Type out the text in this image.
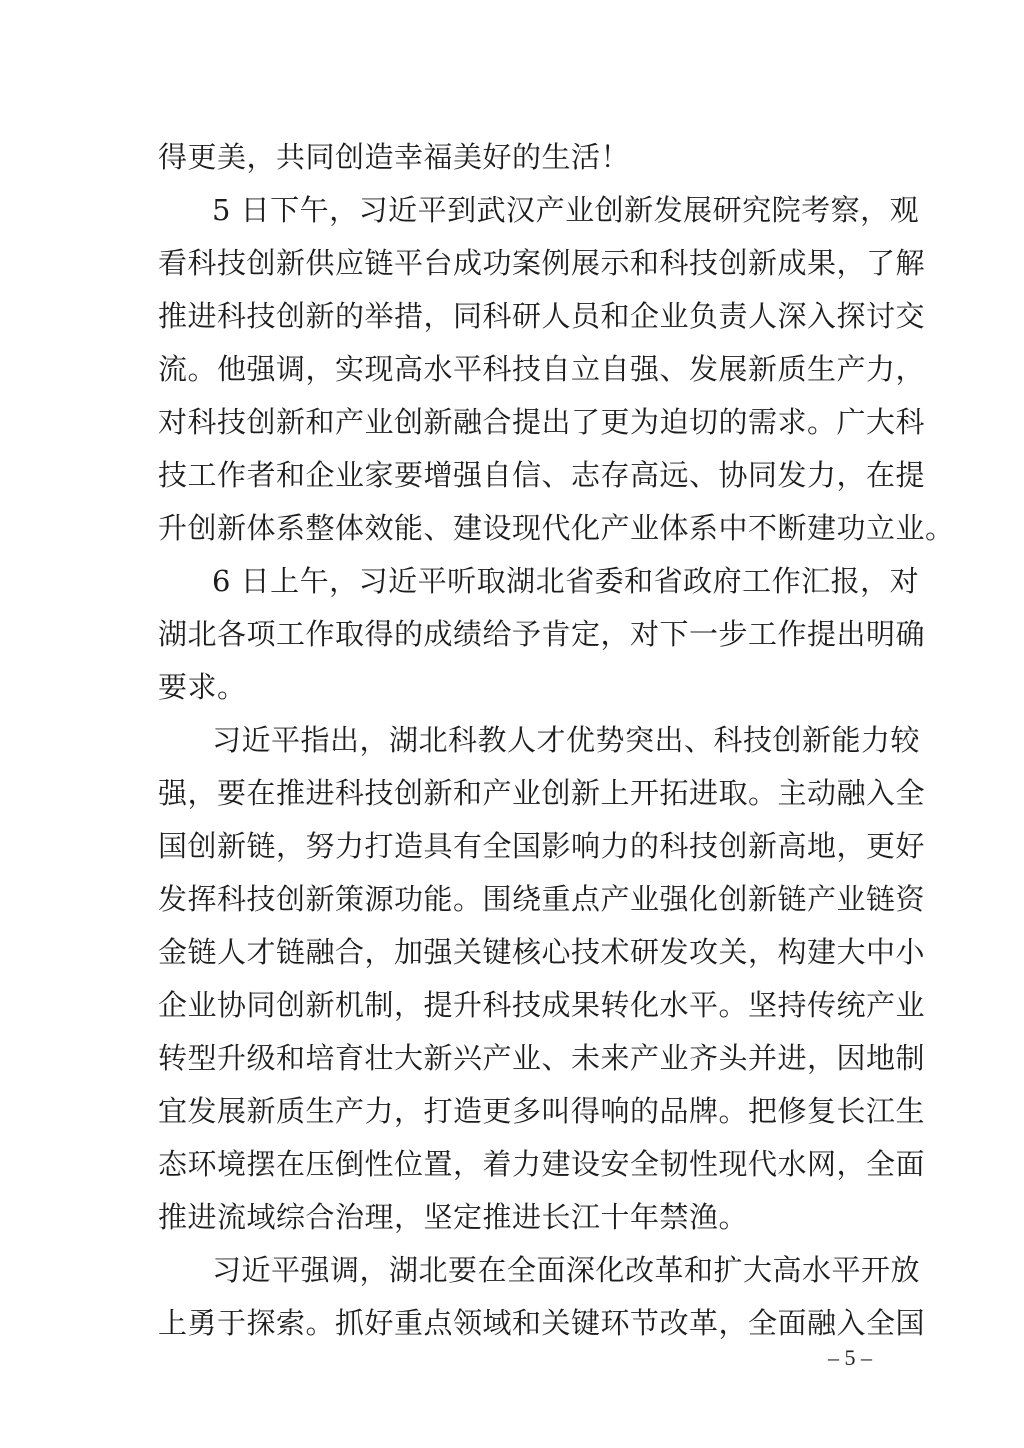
得更美，共同创造幸福美好的生活！
5 日下午，习近平到武汉产业创新发展研究院考察，观
看科技创新供应链平台成功案例展示和科技创新成果，了解
推进科技创新的举措，同科研人员和企业负责人深入探讨交
流。他强调，实现高水平科技自立自强、发展新质生产力，
对科技创新和产业创新融合提出了更为迫切的需求。广大科
技工作者和企业家要增强自信、志存高远、协同发力，在提
升创新体系整体效能、建设现代化产业体系中不断建功立业。
6 日上午，习近平听取湖北省委和省政府工作汇报，对
湖北各项工作取得的成绩给予肯定，对下一步工作提出明确
要求。
习近平指出，湖北科教人才优势突出、科技创新能力较
强，要在推进科技创新和产业创新上开拓进取。主动融入全
国创新链，努力打造具有全国影响力的科技创新高地，更好
发挥科技创新策源功能。围绕重点产业强化创新链产业链资
金链人才链融合，加强关键核心技术研发攻关，构建大中小
企业协同创新机制，提升科技成果转化水平。坚持传统产业
转型升级和培育壮大新兴产业、未来产业齐头并进，因地制
宜发展新质生产力，打造更多叫得响的品牌。把修复长江生
态环境摆在压倒性位置，着力建设安全韧性现代水网，全面
推进流域综合治理，坚定推进长江十年禁渔。
习近平强调，湖北要在全面深化改革和扩大高水平开放
上勇于探索。抓好重点领域和关键环节改革，全面融入全国
– 5 –
